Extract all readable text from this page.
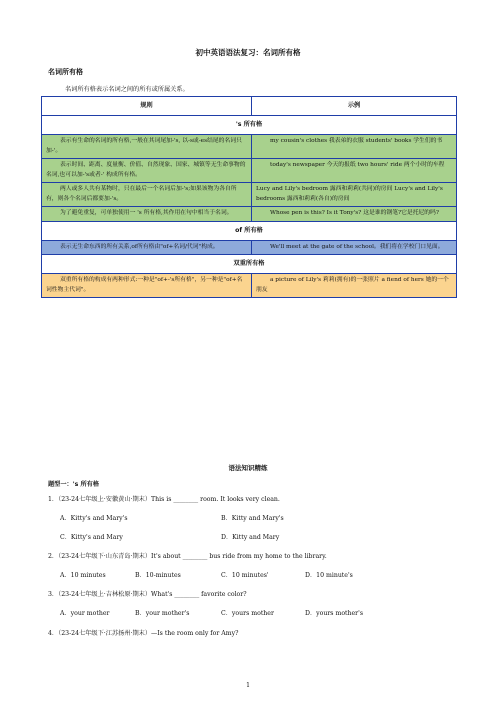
初中英语语法复习：名词所有格
名词所有格
名词所有格表示名词之间的所有或所属关系。
规则	示例
's 所有格	
表示有生命的名词的所有格,一般在其词尾加-'s, 以-s或-es结尾的名词只加-'。	my cousin's clothes 我表弟的衣服 students' books 学生们的书
表示时间、距离、度量衡、价值、自然现象、国家、城镇等无生命事物的名词,也可以加-'s或者-' 构成所有格。	today's newspaper 今天的报纸 two hours' ride 两个小时的车程
两人或多人共有某物时，只在最后一个名词后加-'s;如果该物为各自所有，则各个名词后都要加-'s。	Lucy and Lily's bedroom 露西和莉莉(共同)的房间 Lucy's and Lily's bedrooms 露西和莉莉(各自)的房间
为了避免重复，可单独使用一 's 所有格,其作用在句中相当于名词。	Whose pen is this? Is it Tony's? 这是谁的钢笔?它是托尼的吗?
of 所有格	
表示无生命东西的所有关系,of所有格由"of+名词/代词"构成。	We'll meet at the gate of the school。我们将在学校门口见面。
双重所有格	
双重所有格的构成有两种形式:一种是"of+-'s所有格"，另一种是"of+名词性物主代词"。	a picture of Lily's 莉莉(拥有)的一张照片 a fiend of hers 她的一个朋友
语法知识精练
题型一：'s 所有格
1．（23-24七年级上·安徽黄山·期末）This is ________ room. It looks very clean.
A．Kitty's and Mary's	B．Kitty and Mary's
C．Kitty's and Mary	D．Kitty and Mary
2．（23-24七年级下·山东青岛·期末）It's about ________ bus ride from my home to the library.
A．10 minutes	B．10-minutes	C．10 minutes'	D．10 minute's
3．（23-24七年级上·吉林松原·期末）What's ________ favorite color?
A．your mother	B．your mother's	C．yours mother	D．yours mother's
4．（23-24七年级下·江苏扬州·期末）—Is the room only for Amy?
1
